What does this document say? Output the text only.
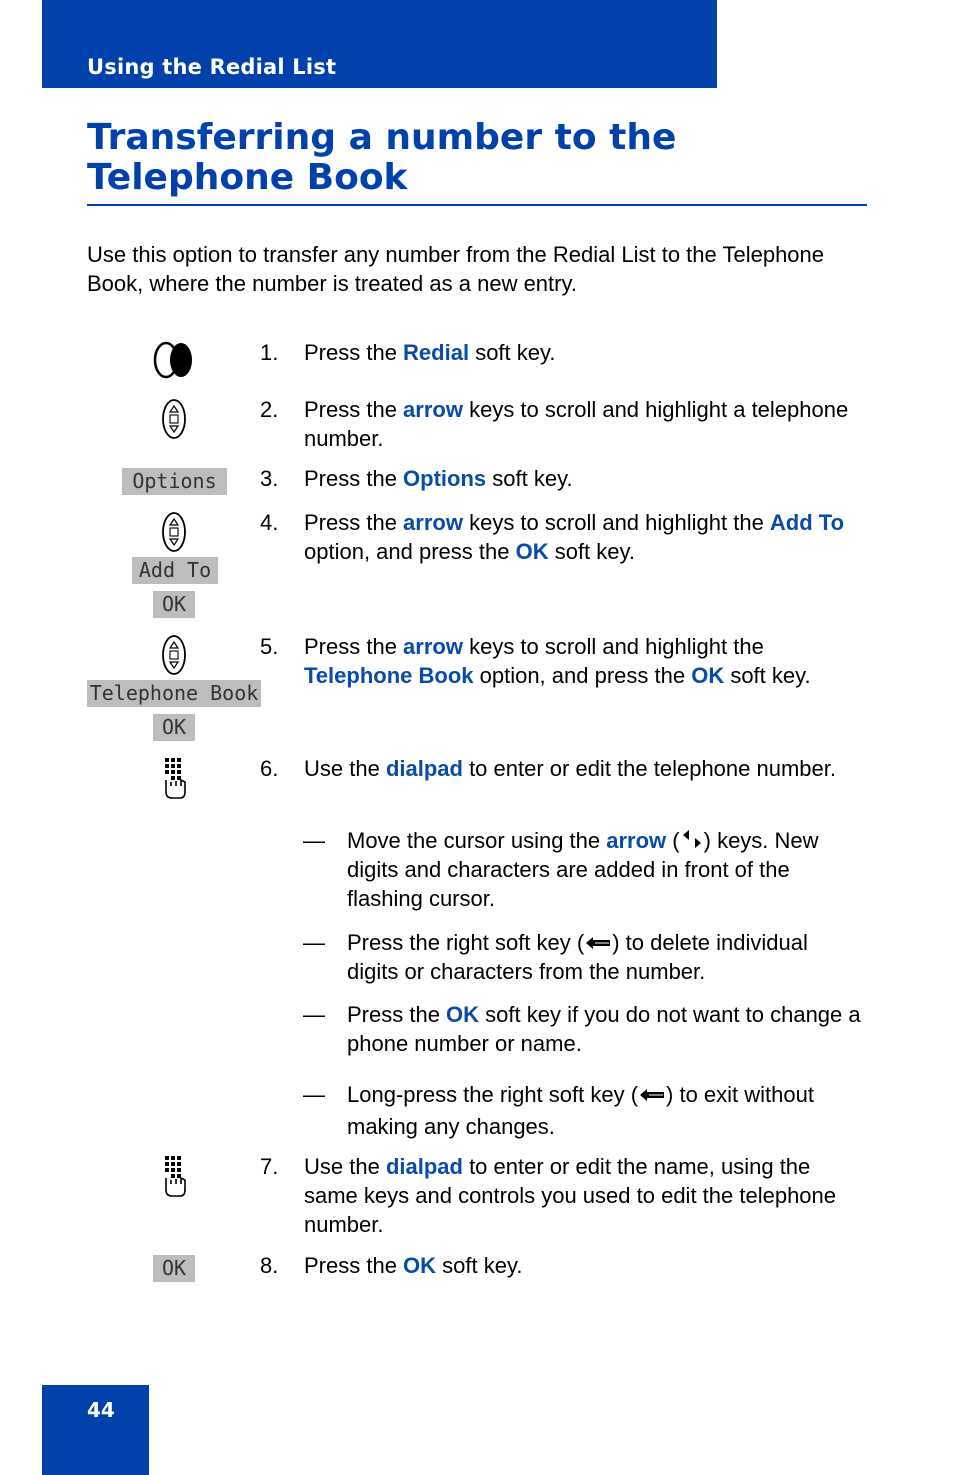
Using the Redial List
Transferring a number to the Telephone Book
Use this option to transfer any number from the Redial List to the Telephone Book, where the number is treated as a new entry.
Options
Add To
OK
Telephone Book
OK
OK
1. Press the Redial soft key.
2. Press the arrow keys to scroll and highlight a telephone number.
3. Press the Options soft key.
4. Press the arrow keys to scroll and highlight the Add To option, and press the OK soft key.
5. Press the arrow keys to scroll and highlight the Telephone Book option, and press the OK soft key.
6. Use the dialpad to enter or edit the telephone number.
— Move the cursor using the arrow ( ) keys. New digits and characters are added in front of the flashing cursor.
— Press the right soft key ( ) to delete individual digits or characters from the number.
— Press the OK soft key if you do not want to change a phone number or name.
— Long-press the right soft key ( ) to exit without making any changes.
7. Use the dialpad to enter or edit the name, using the same keys and controls you used to edit the telephone number.
8. Press the OK soft key.
44
